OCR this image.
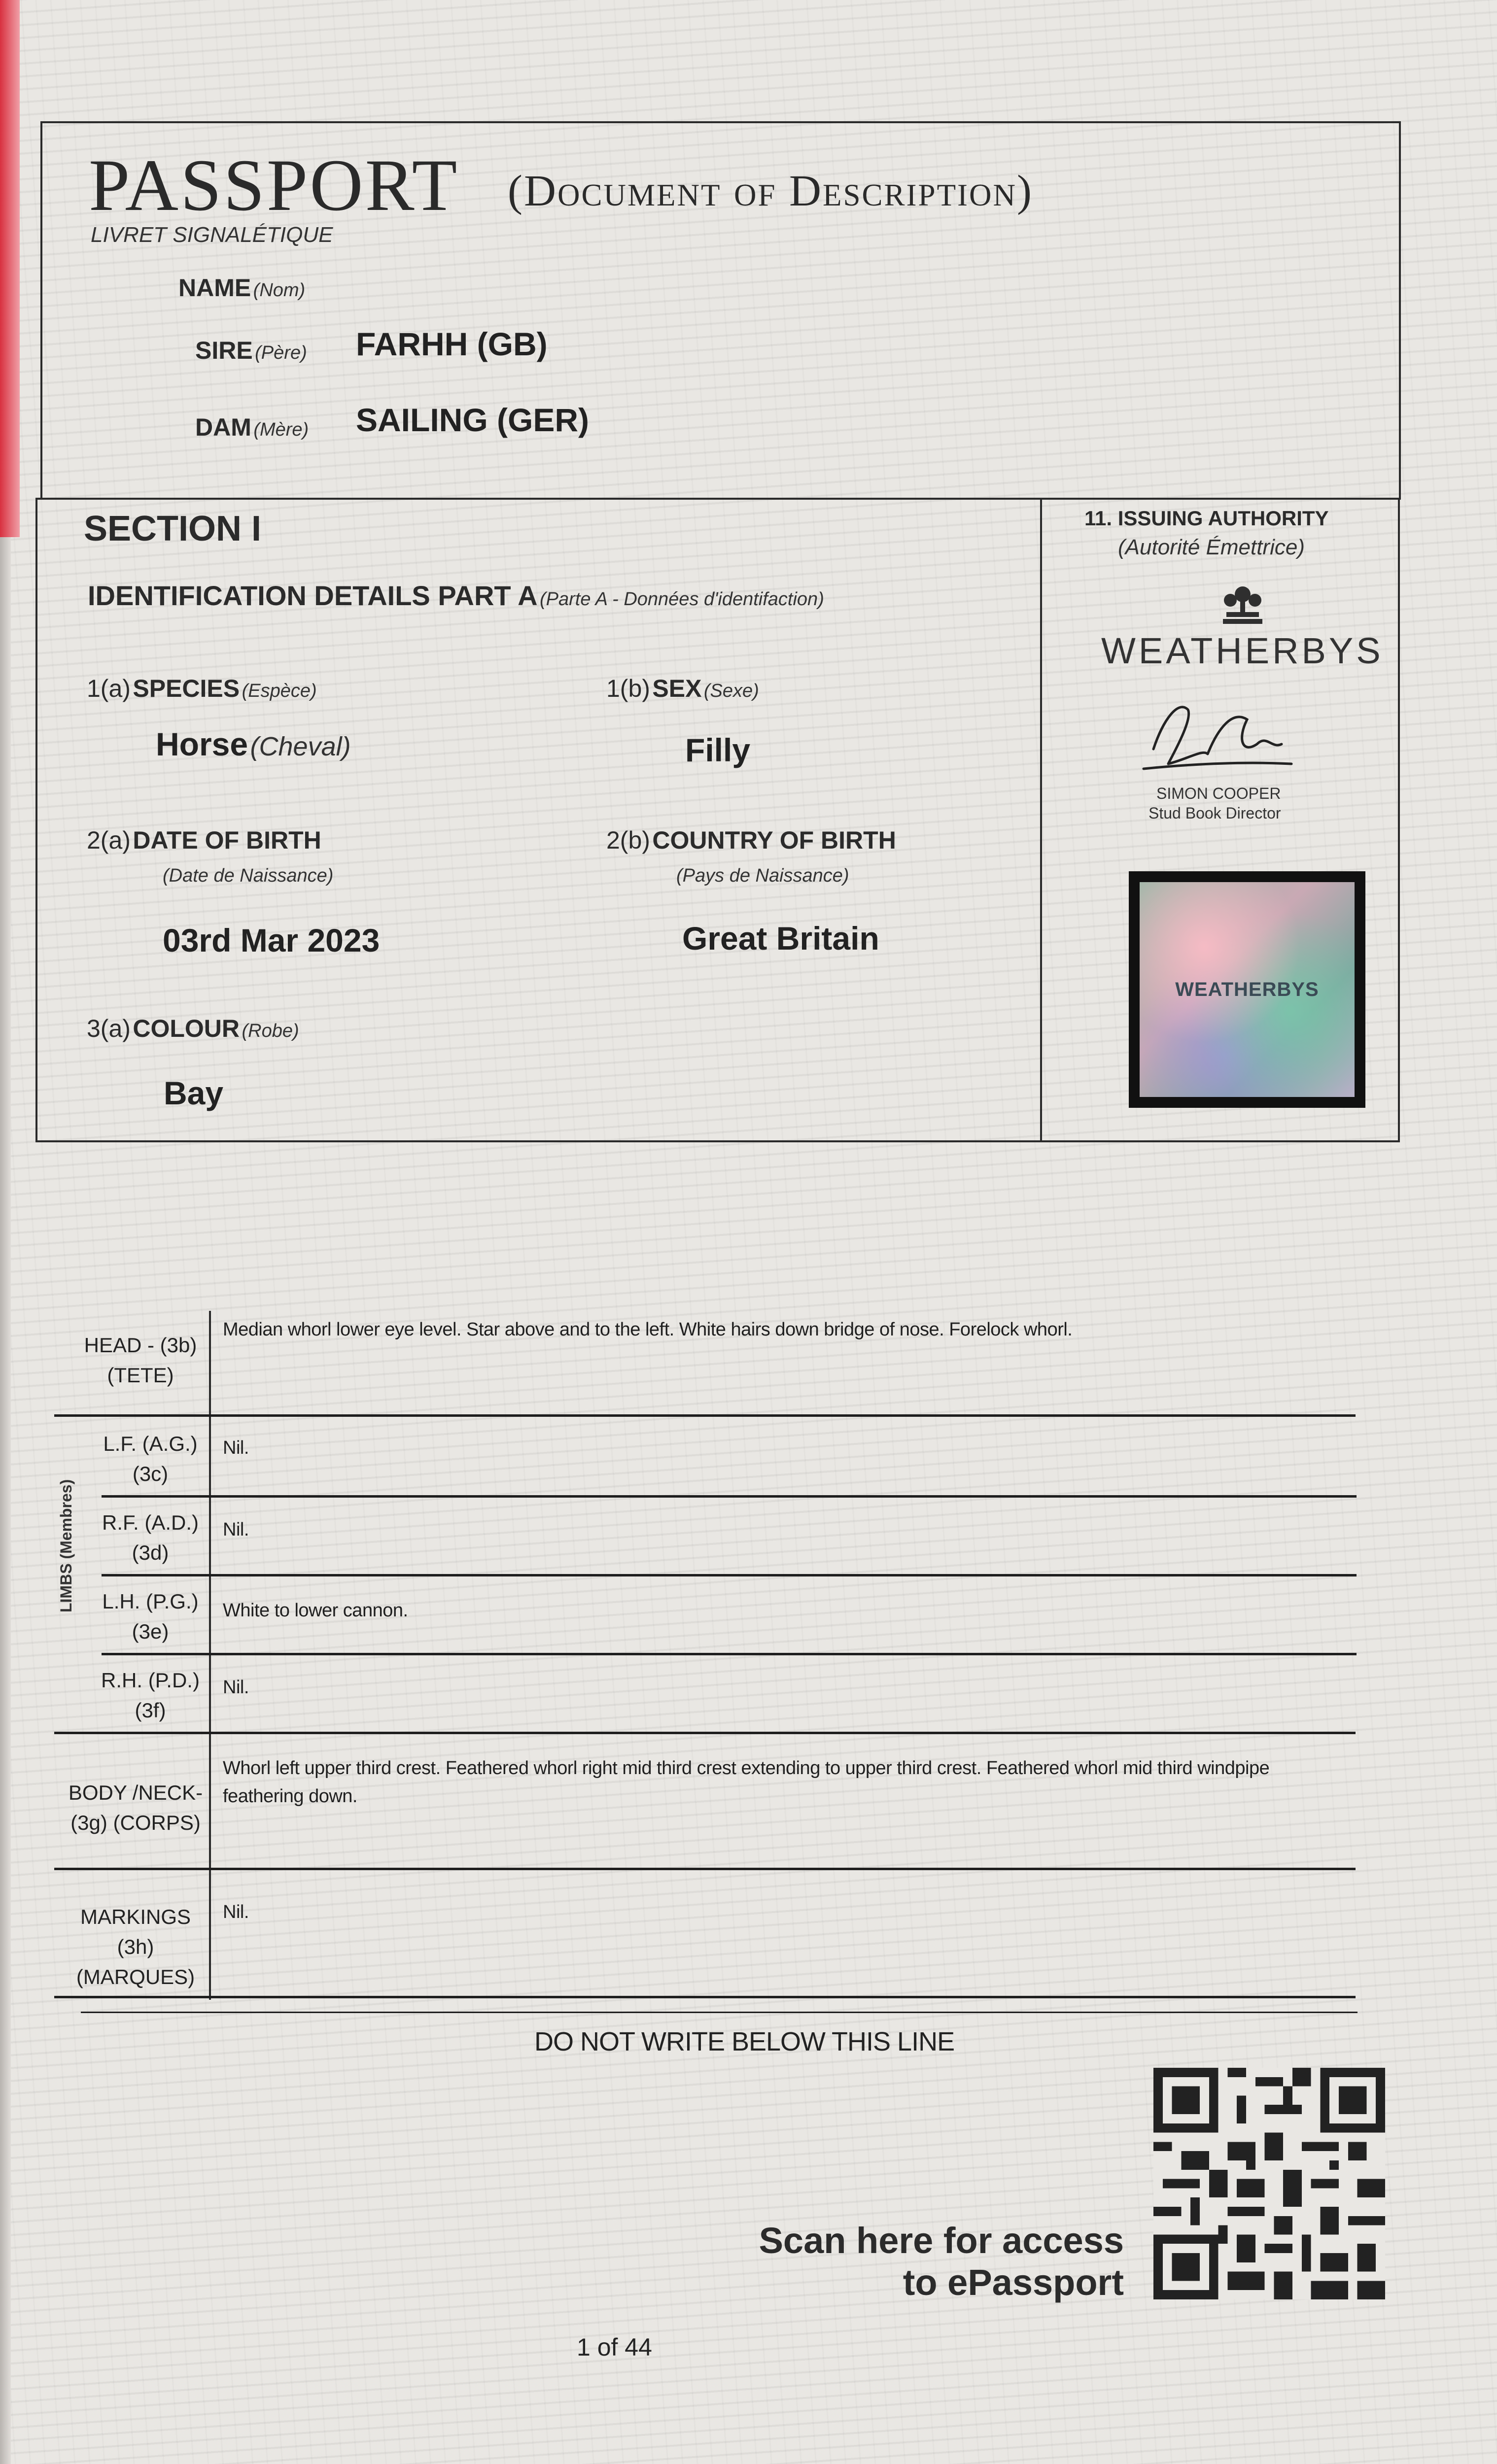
PASSPORT (Document of Description)
LIVRET SIGNALÉTIQUE
NAME (Nom)
SIRE (Père) FARHH (GB)
DAM (Mère) SAILING (GER)
SECTION I
IDENTIFICATION DETAILS PART A (Parte A - Données d'identifaction)
1(a) SPECIES (Espèce)
Horse (Cheval)
1(b) SEX (Sexe)
Filly
2(a) DATE OF BIRTH
(Date de Naissance)
03rd Mar 2023
2(b) COUNTRY OF BIRTH
(Pays de Naissance)
Great Britain
3(a) COLOUR (Robe)
Bay
11. ISSUING AUTHORITY
(Autorité Émettrice)
WEATHERBYS
SIMON COOPER
Stud Book Director
WEATHERBYS
LIMBS (Membres)
HEAD - (3b)
(TETE)
Median whorl lower eye level. Star above and to the left. White hairs down bridge of nose. Forelock whorl.
L.F. (A.G.)
(3c)
Nil.
R.F. (A.D.)
(3d)
Nil.
L.H. (P.G.)
(3e)
White to lower cannon.
R.H. (P.D.)
(3f)
Nil.
BODY /NECK-
(3g) (CORPS)
Whorl left upper third crest. Feathered whorl right mid third crest extending to upper third crest. Feathered whorl mid third windpipe feathering down.
MARKINGS (3h)
(MARQUES)
Nil.
DO NOT WRITE BELOW THIS LINE
Scan here for access
to ePassport
1 of 44
